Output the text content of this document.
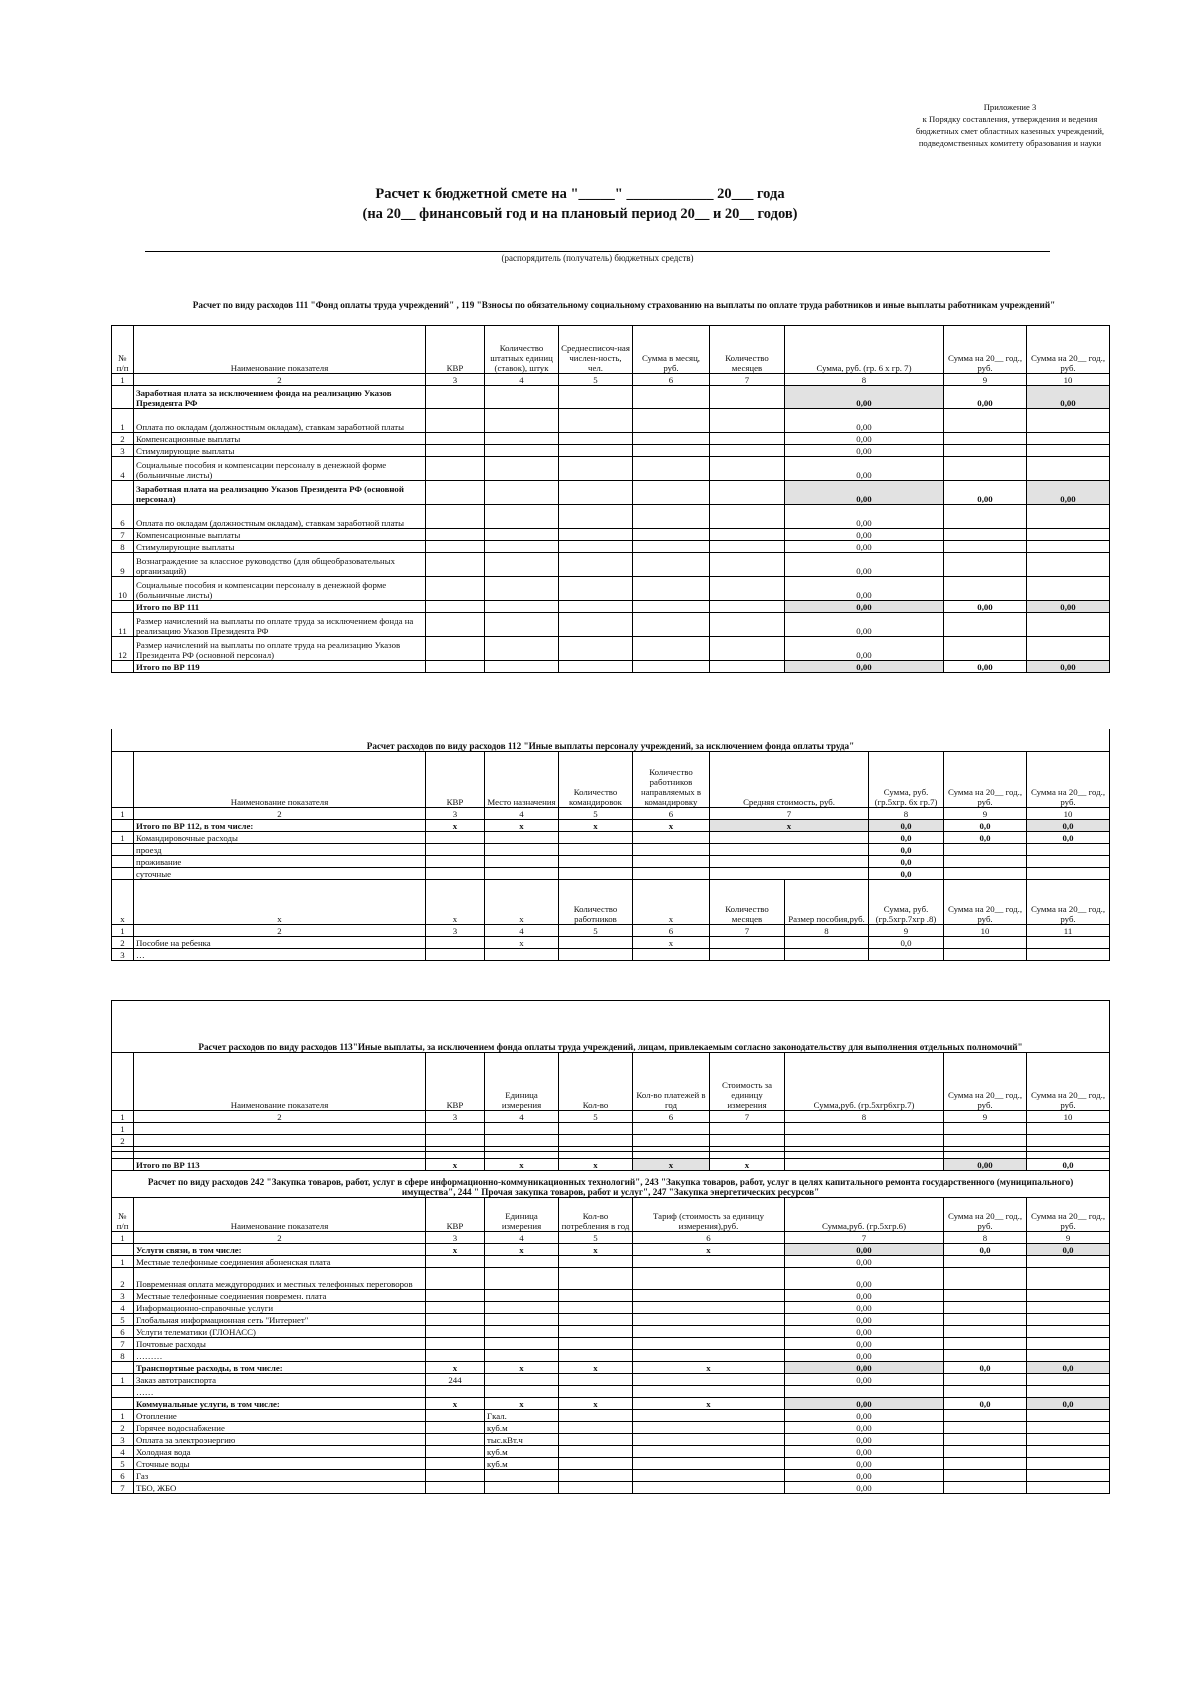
Приложение 3
к Порядку составления, утверждения и ведения
бюджетных смет областных казенных учреждений,
подведомственных комитету образования и науки
Расчет к бюджетной смете на "_____" ____________ 20___ года
(на 20__ финансовый год и на плановый период 20__ и 20__ годов)
(распорядитель (получатель) бюджетных средств)
Расчет по виду расходов 111 "Фонд оплаты труда учреждений" , 119 "Взносы по обязательному социальному страхованию на выплаты по оплате труда работников и иные выплаты работникам учреждений"
№ п/п	Наименование показателя	КВР	Количество штатных единиц (ставок), штук	Среднесписоч-ная числен-ность, чел.	Сумма в месяц, руб.	Количество месяцев	Сумма, руб. (гр. 6 х гр. 7)	Сумма на 20__ год., руб.	Сумма на 20__ год., руб.
1	2	3	4	5	6	7	8	9	10
	Заработная плата за исключением фонда на реализацию Указов Президента РФ						0,00	0,00	0,00
1	Оплата по окладам (должностным окладам), ставкам заработной платы						0,00		
2	Компенсационные выплаты						0,00		
3	Стимулирующие выплаты						0,00		
4	Социальные пособия и компенсации персоналу в денежной форме (больничные листы)						0,00		
	Заработная плата на реализацию Указов Президента РФ (основной персонал)						0,00	0,00	0,00
6	Оплата по окладам (должностным окладам), ставкам заработной платы						0,00		
7	Компенсационные выплаты						0,00		
8	Стимулирующие выплаты						0,00		
9	Вознаграждение за классное руководство (для общеобразовательных организаций)						0,00		
10	Социальные пособия и компенсации персоналу в денежной форме (больничные листы)						0,00		
	Итого по ВР 111						0,00	0,00	0,00
11	Размер начислений на выплаты по оплате труда за исключением фонда на реализацию Указов Президента РФ						0,00		
12	Размер начислений на выплаты по оплате труда на реализацию Указов Президента РФ (основной персонал)						0,00		
	Итого по ВР 119						0,00	0,00	0,00
Расчет расходов по виду расходов 112 "Иные выплаты персоналу учреждений, за исключением фонда оплаты труда"										
	Наименование показателя	КВР	Место назначения	Количество командировок	Количество работников направляемых в командировку	Средняя стоимость, руб.		Сумма, руб.(гр.5хгр. 6х гр.7)	Сумма на 20__ год., руб.	Сумма на 20__ год., руб.
1	2	3	4	5	6	7		8	9	10
	Итого по ВР 112, в том числе:	x	x	x	x	x		0,0	0,0	0,0
1	Командировочные расходы							0,0	0,0	0,0
	проезд							0,0		
	проживание							0,0		
	суточные							0,0		
x	x	x	x	Количество работников	x	Количество месяцев	Размер пособия,руб.	Сумма, руб. (гр.5хгр.7хгр .8)	Сумма на 20__ год., руб.	Сумма на 20__ год., руб.
1	2	3	4	5	6	7	8	9	10	11
2	Пособие на ребенка		x		x			0,0		
3	…									
Расчет расходов по виду расходов 113"Иные выплаты, за исключением фонда оплаты труда учреждений, лицам, привлекаемым согласно законодательству для выполнения отдельных полномочий"										
	Наименование показателя	КВР	Единица измерения	Кол-во	Кол-во платежей в год	Стоимость за единицу измерения	Сумма,руб. (гр.5хгр6хгр.7)	Сумма на 20__ год., руб.	Сумма на 20__ год., руб.	
1	2	3	4	5	6	7	8	9	10	
1										
2										

	Итого по ВР 113	x	x	x	x	x		0,00	0,0	
Расчет по виду расходов 242 "Закупка товаров, работ, услуг в сфере информационно-коммуникационных технологий", 243 "Закупка товаров, работ, услуг в целях капитального ремонта государственного (муниципального) имущества", 244 " Прочая закупка товаров, работ и услуг", 247 "Закупка энергетических ресурсов"								
№ п/п	Наименование показателя	КВР	Единица измерения	Кол-во потребления в год	Тариф (стоимость за единицу измерения),руб.	Сумма,руб. (гр.5хгр.6)	Сумма на 20__ год., руб.	Сумма на 20__ год., руб.
1	2	3	4	5	6	7	8	9
	Услуги связи, в том числе:	x	x	x	x	0,00	0,0	0,0
1	Местные телефонные соединения абоненская плата					0,00		
2	Повременная оплата междугородних и местных телефонных переговоров					0,00		
3	Местные телефонные соединения повремен. плата					0,00		
4	Информационно-справочные услуги					0,00		
5	Глобальная информационная сеть "Интернет"					0,00		
6	Услуги телематики (ГЛОНАСС)					0,00		
7	Почтовые расходы					0,00		
8	………					0,00		
	Транспортные расходы, в том числе:	x	x	x	x	0,00	0,0	0,0
1	Заказ автотранспорта	244				0,00		
	……							
	Коммунальные услуги, в том числе:	x	x	x	x	0,00	0,0	0,0
1	Отопление		Гкал.			0,00		
2	Горячее водоснабжение		куб.м			0,00		
3	Оплата за электроэнергию		тыс.кВт.ч			0,00		
4	Холодная вода		куб.м			0,00		
5	Сточные воды		куб.м			0,00		
6	Газ					0,00		
7	ТБО, ЖБО					0,00		
